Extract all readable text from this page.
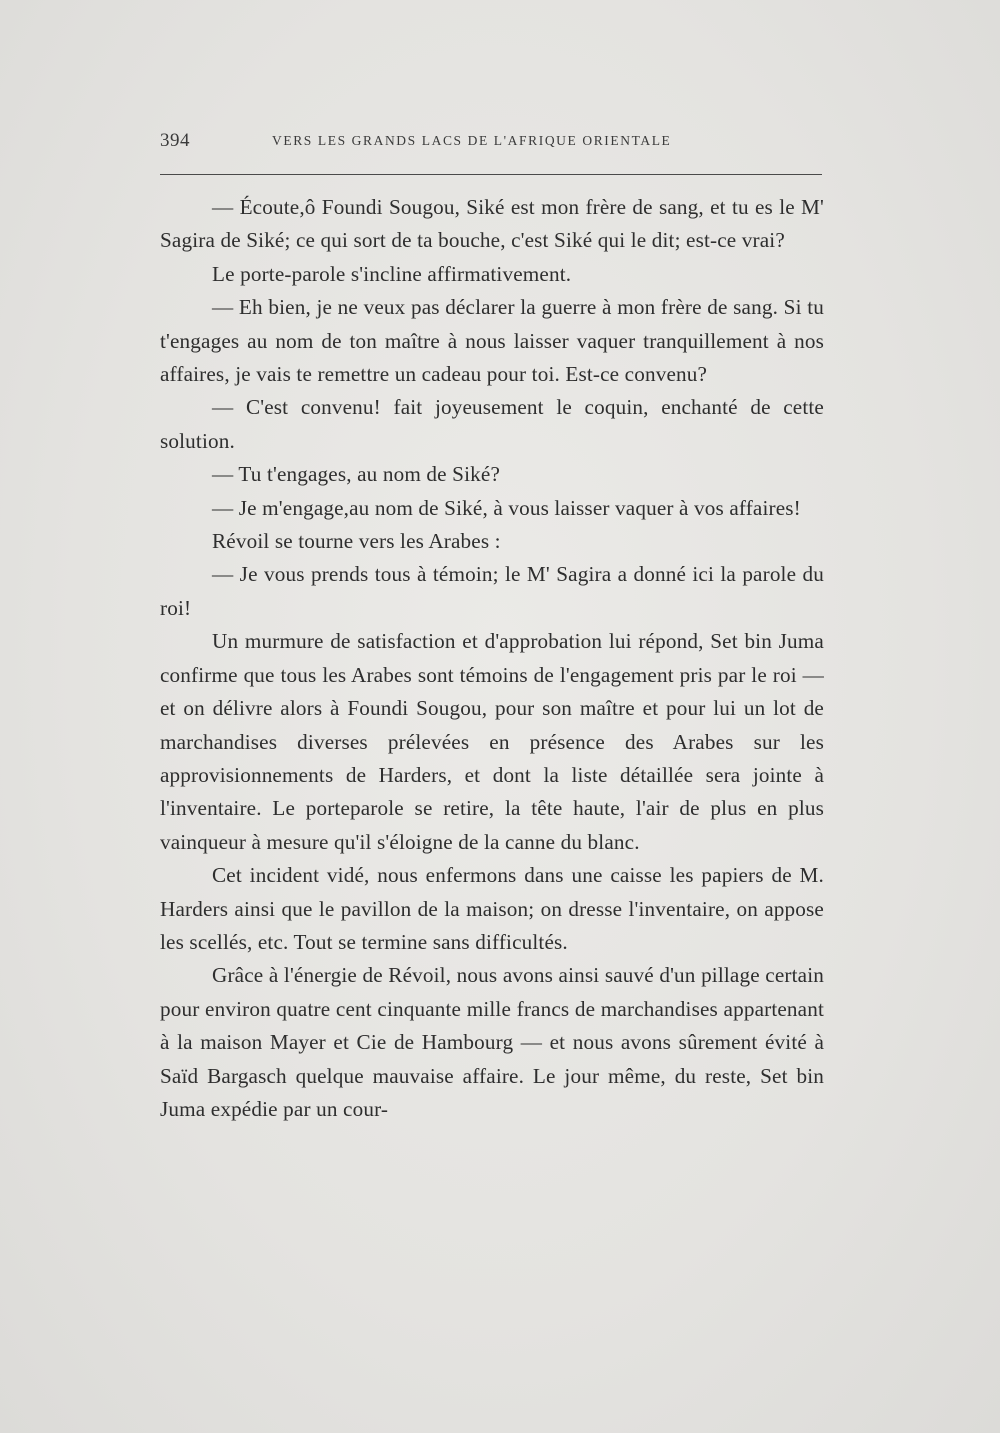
394	VERS LES GRANDS LACS DE L'AFRIQUE ORIENTALE

— Écoute,ô Foundi Sougou, Siké est mon frère de sang, et tu es le M' Sagira de Siké; ce qui sort de ta bouche, c'est Siké qui le dit; est-ce vrai?

Le porte-parole s'incline affirmativement.

— Eh bien, je ne veux pas déclarer la guerre à mon frère de sang. Si tu t'engages au nom de ton maître à nous laisser vaquer tranquillement à nos affaires, je vais te remettre un cadeau pour toi. Est-ce convenu?

— C'est convenu! fait joyeusement le coquin, enchanté de cette solution.

— Tu t'engages, au nom de Siké?

— Je m'engage,au nom de Siké, à vous laisser vaquer à vos affaires!

Révoil se tourne vers les Arabes :

— Je vous prends tous à témoin; le M' Sagira a donné ici la parole du roi!

Un murmure de satisfaction et d'approbation lui répond, Set bin Juma confirme que tous les Arabes sont témoins de l'engagement pris par le roi — et on délivre alors à Foundi Sougou, pour son maître et pour lui un lot de marchandises diverses prélevées en présence des Arabes sur les approvisionnements de Harders, et dont la liste détaillée sera jointe à l'inventaire. Le porteparole se retire, la tête haute, l'air de plus en plus vainqueur à mesure qu'il s'éloigne de la canne du blanc.

Cet incident vidé, nous enfermons dans une caisse les papiers de M. Harders ainsi que le pavillon de la maison; on dresse l'inventaire, on appose les scellés, etc. Tout se termine sans difficultés.

Grâce à l'énergie de Révoil, nous avons ainsi sauvé d'un pillage certain pour environ quatre cent cinquante mille francs de marchandises appartenant à la maison Mayer et Cie de Hambourg — et nous avons sûrement évité à Saïd Bargasch quelque mauvaise affaire. Le jour même, du reste, Set bin Juma expédie par un cour-
